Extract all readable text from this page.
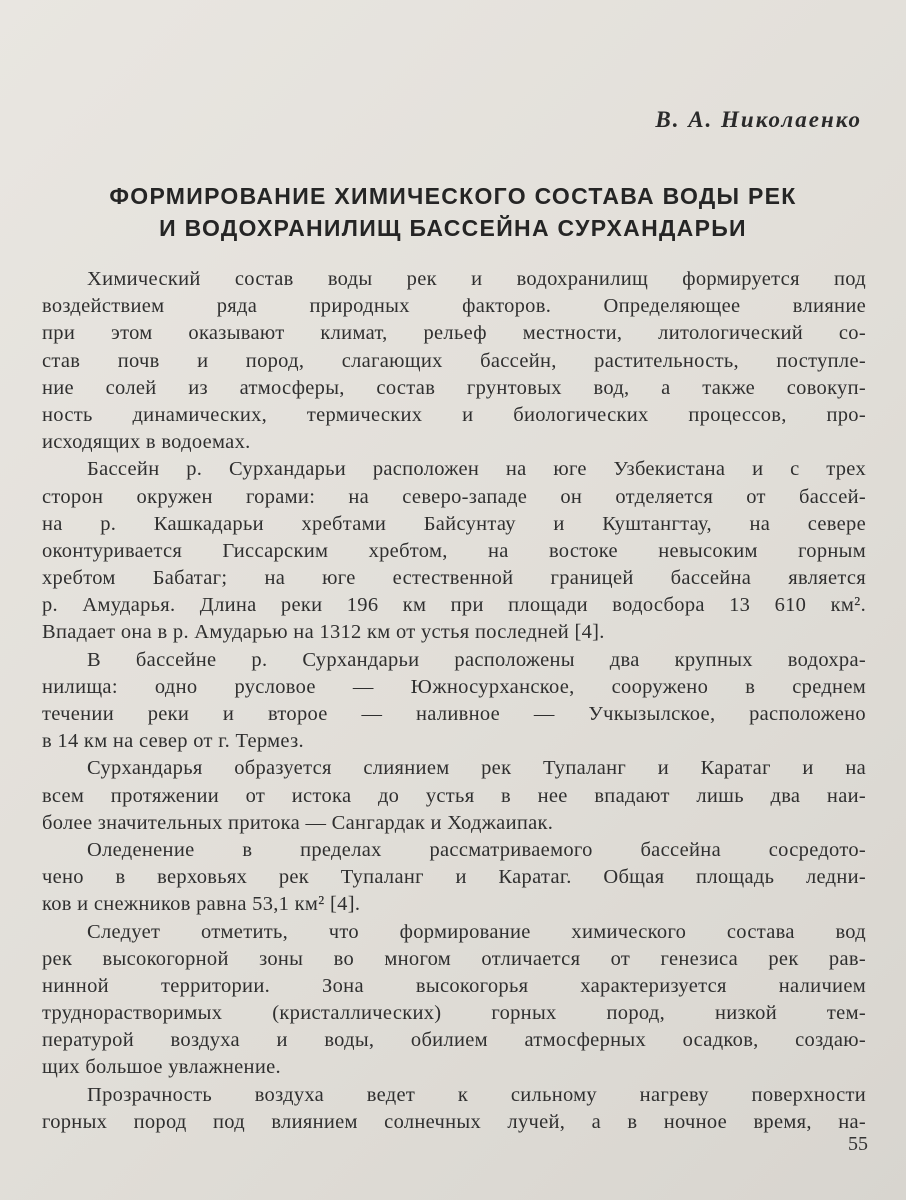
В. А. Николаенко
ФОРМИРОВАНИЕ ХИМИЧЕСКОГО СОСТАВА ВОДЫ РЕК
И ВОДОХРАНИЛИЩ БАССЕЙНА СУРХАНДАРЬИ
Химический состав воды рек и водохранилищ формируется под
воздействием ряда природных факторов. Определяющее влияние
при этом оказывают климат, рельеф местности, литологический со-
став почв и пород, слагающих бассейн, растительность, поступле-
ние солей из атмосферы, состав грунтовых вод, а также совокуп-
ность динамических, термических и биологических процессов, про-
исходящих в водоемах.
Бассейн р. Сурхандарьи расположен на юге Узбекистана и с трех
сторон окружен горами: на северо-западе он отделяется от бассей-
на р. Кашкадарьи хребтами Байсунтау и Куштангтау, на севере
оконтуривается Гиссарским хребтом, на востоке невысоким горным
хребтом Бабатаг; на юге естественной границей бассейна является
р. Амударья. Длина реки 196 км при площади водосбора 13 610 км².
Впадает она в р. Амударью на 1312 км от устья последней [4].
В бассейне р. Сурхандарьи расположены два крупных водохра-
нилища: одно русловое — Южносурханское, сооружено в среднем
течении реки и второе — наливное — Учкызылское, расположено
в 14 км на север от г. Термез.
Сурхандарья образуется слиянием рек Тупаланг и Каратаг и на
всем протяжении от истока до устья в нее впадают лишь два наи-
более значительных притока — Сангардак и Ходжаипак.
Оледенение в пределах рассматриваемого бассейна сосредото-
чено в верховьях рек Тупаланг и Каратаг. Общая площадь ледни-
ков и снежников равна 53,1 км² [4].
Следует отметить, что формирование химического состава вод
рек высокогорной зоны во многом отличается от генезиса рек рав-
нинной территории. Зона высокогорья характеризуется наличием
труднорастворимых (кристаллических) горных пород, низкой тем-
пературой воздуха и воды, обилием атмосферных осадков, создаю-
щих большое увлажнение.
Прозрачность воздуха ведет к сильному нагреву поверхности
горных пород под влиянием солнечных лучей, а в ночное время, на-
55
